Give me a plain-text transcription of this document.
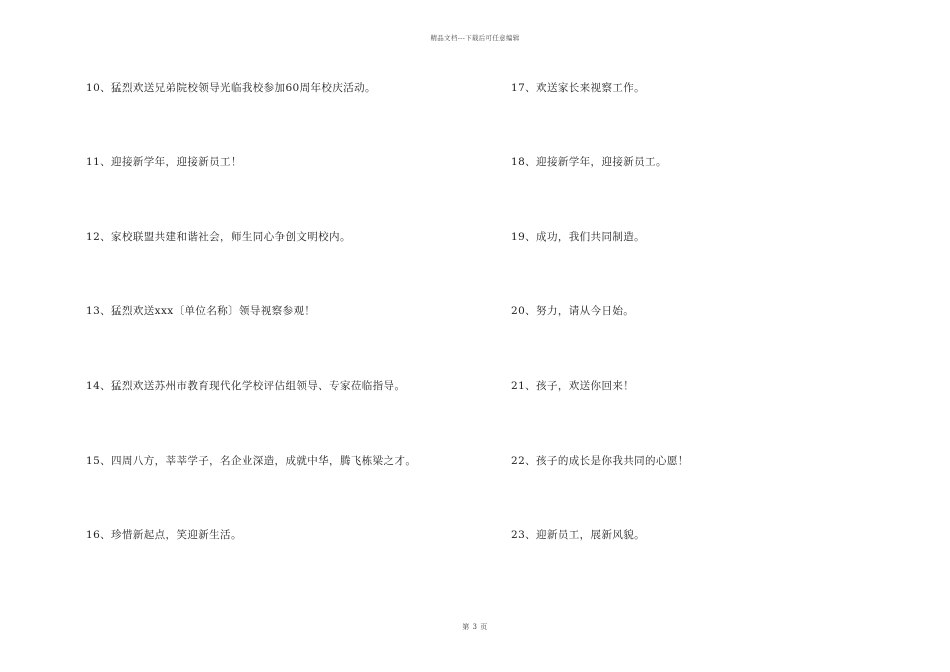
精品文档---下载后可任意编辑
10、猛烈欢送兄弟院校领导光临我校参加60周年校庆活动。
11、迎接新学年，迎接新员工！
12、家校联盟共建和谐社会，师生同心争创文明校内。
13、猛烈欢送xxx〔单位名称〕领导视察参观！
14、猛烈欢送苏州市教育现代化学校评估组领导、专家莅临指导。
15、四周八方，莘莘学子，名企业深造，成就中华，腾飞栋梁之才。
16、珍惜新起点，笑迎新生活。
17、欢送家长来视察工作。
18、迎接新学年，迎接新员工。
19、成功，我们共同制造。
20、努力，请从今日始。
21、孩子，欢送你回来！
22、孩子的成长是你我共同的心愿！
23、迎新员工，展新风貌。
第 3 页
